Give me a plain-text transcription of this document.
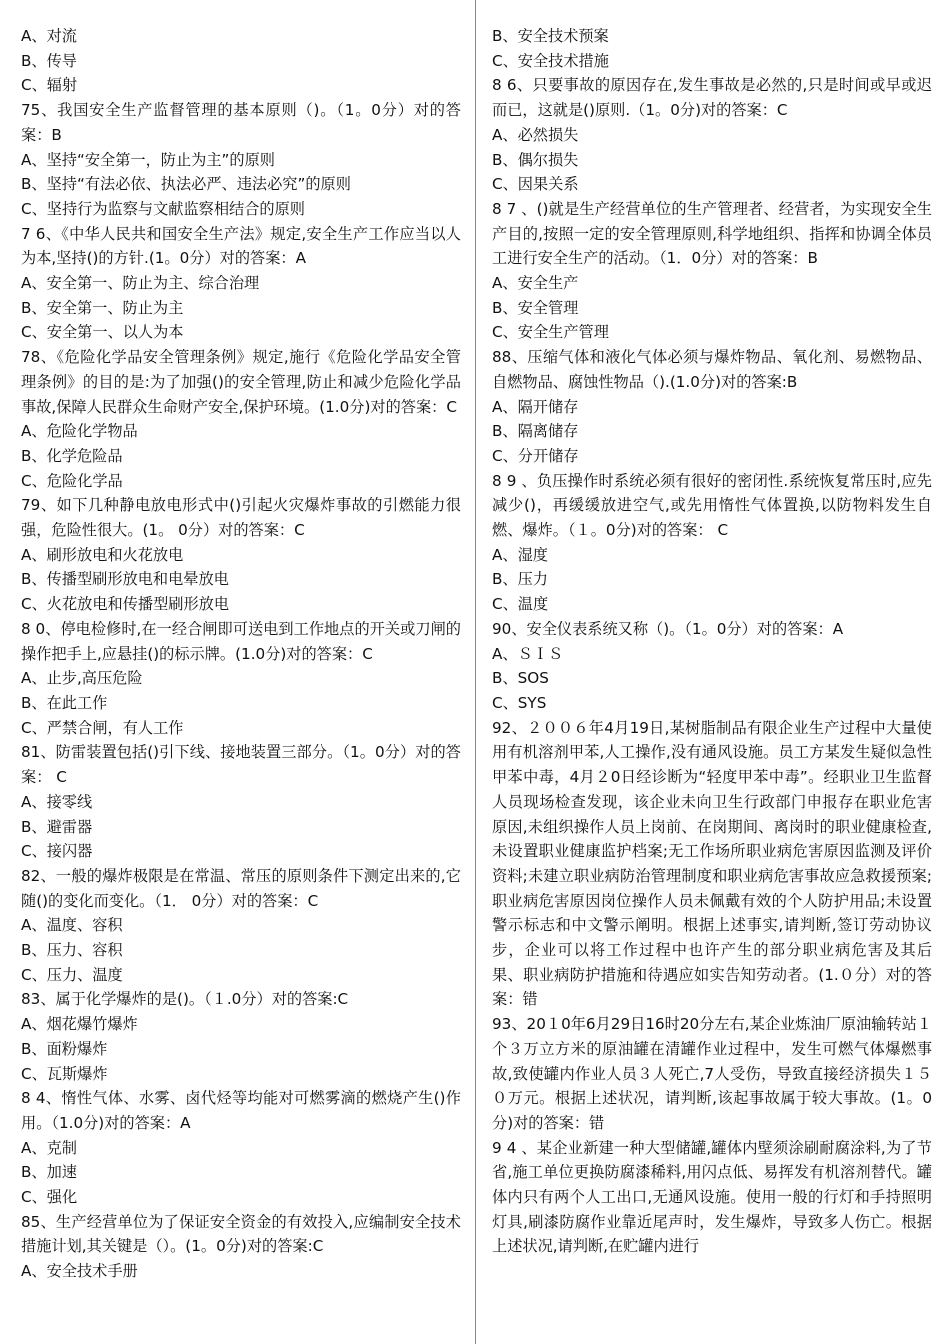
A、对流
B、传导
C、辐射
75、我国安全生产监督管理的基本原则（)。（1。0分）对的答案：B
A、坚持“安全第一，防止为主”的原则
B、坚持“有法必依、执法必严、违法必究”的原则
C、坚持行为监察与文献监察相结合的原则
7 6、《中华人民共和国安全生产法》规定,安全生产工作应当以人为本,坚持()的方针.(1。0分）对的答案：A
A、安全第一、防止为主、综合治理
B、安全第一、防止为主
C、安全第一、以人为本
78、《危险化学品安全管理条例》规定,施行《危险化学品安全管理条例》的目的是:为了加强()的安全管理,防止和减少危险化学品事故,保障人民群众生命财产安全,保护环境。(1.0分)对的答案：C
A、危险化学物品
B、化学危险品
C、危险化学品
79、如下几种静电放电形式中()引起火灾爆炸事故的引燃能力很强，危险性很大。(1。 0分）对的答案：C
A、刷形放电和火花放电
B、传播型刷形放电和电晕放电
C、火花放电和传播型刷形放电
8 0、停电检修时,在一经合闸即可送电到工作地点的开关或刀闸的操作把手上,应悬挂()的标示牌。(1.0分)对的答案：C
A、止步,高压危险
B、在此工作
C、严禁合闸，有人工作
81、防雷装置包括()引下线、接地装置三部分。（1。0分）对的答案： C
A、接零线
B、避雷器
C、接闪器
82、一般的爆炸极限是在常温、常压的原则条件下测定出来的,它随()的变化而变化。（1． 0分）对的答案：C
A、温度、容积
B、压力、容积
C、压力、温度
83、属于化学爆炸的是()。（１.0分）对的答案:C
A、烟花爆竹爆炸
B、面粉爆炸
C、瓦斯爆炸
8 4、惰性气体、水雾、卤代烃等均能对可燃雾滴的燃烧产生()作用。（1.0分)对的答案：A
A、克制
B、加速
C、强化
85、生产经营单位为了保证安全资金的有效投入,应编制安全技术措施计划,其关键是（）。(1。0分)对的答案:C
A、安全技术手册
B、安全技术预案
C、安全技术措施
8 6、只要事故的原因存在,发生事故是必然的,只是时间或早或迟而已，这就是()原则.（1。0分)对的答案：C
A、必然损失
B、偶尔损失
C、因果关系
8 7 、()就是生产经营单位的生产管理者、经营者，为实现安全生产目的,按照一定的安全管理原则,科学地组织、指挥和协调全体员工进行安全生产的活动。（1．0分）对的答案：B
A、安全生产
B、安全管理
C、安全生产管理
88、压缩气体和液化气体必须与爆炸物品、氧化剂、易燃物品、自燃物品、腐蚀性物品（).(1.0分)对的答案:B
A、隔开储存
B、隔离储存
C、分开储存
8 9 、负压操作时系统必须有很好的密闭性.系统恢复常压时,应先减少()，再缓缓放进空气,或先用惰性气体置换,以防物料发生自燃、爆炸。（１。0分)对的答案： C
A、湿度
B、压力
C、温度
90、安全仪表系统又称（)。（1。0分）对的答案：A
A、ＳＩＳ
B、SOS
C、SYS
92、２００６年4月19日,某树脂制品有限企业生产过程中大量使用有机溶剂甲苯,人工操作,没有通风设施。员工方某发生疑似急性甲苯中毒，4月２0日经诊断为“轻度甲苯中毒”。经职业卫生监督人员现场检查发现，该企业未向卫生行政部门申报存在职业危害原因,未组织操作人员上岗前、在岗期间、离岗时的职业健康检查,未设置职业健康监护档案;无工作场所职业病危害原因监测及评价资料;未建立职业病防治管理制度和职业病危害事故应急救援预案;职业病危害原因岗位操作人员未佩戴有效的个人防护用品;未设置警示标志和中文警示阐明。根据上述事实,请判断,签订劳动协议步，企业可以将工作过程中也许产生的部分职业病危害及其后果、职业病防护措施和待遇应如实告知劳动者。(1.０分）对的答案：错
93、20１0年6月29日16时20分左右,某企业炼油厂原油输转站１个３万立方米的原油罐在清罐作业过程中，发生可燃气体爆燃事故,致使罐内作业人员３人死亡,7人受伤，导致直接经济损失１５０万元。根据上述状况，请判断,该起事故属于较大事故。(1。0分)对的答案：错
9 4 、某企业新建一种大型储罐,罐体内壁须涂刷耐腐涂料,为了节省,施工单位更换防腐漆稀料,用闪点低、易挥发有机溶剂替代。罐体内只有两个人工出口,无通风设施。使用一般的行灯和手持照明灯具,刷漆防腐作业靠近尾声时，发生爆炸，导致多人伤亡。根据上述状况,请判断,在贮罐内进行
